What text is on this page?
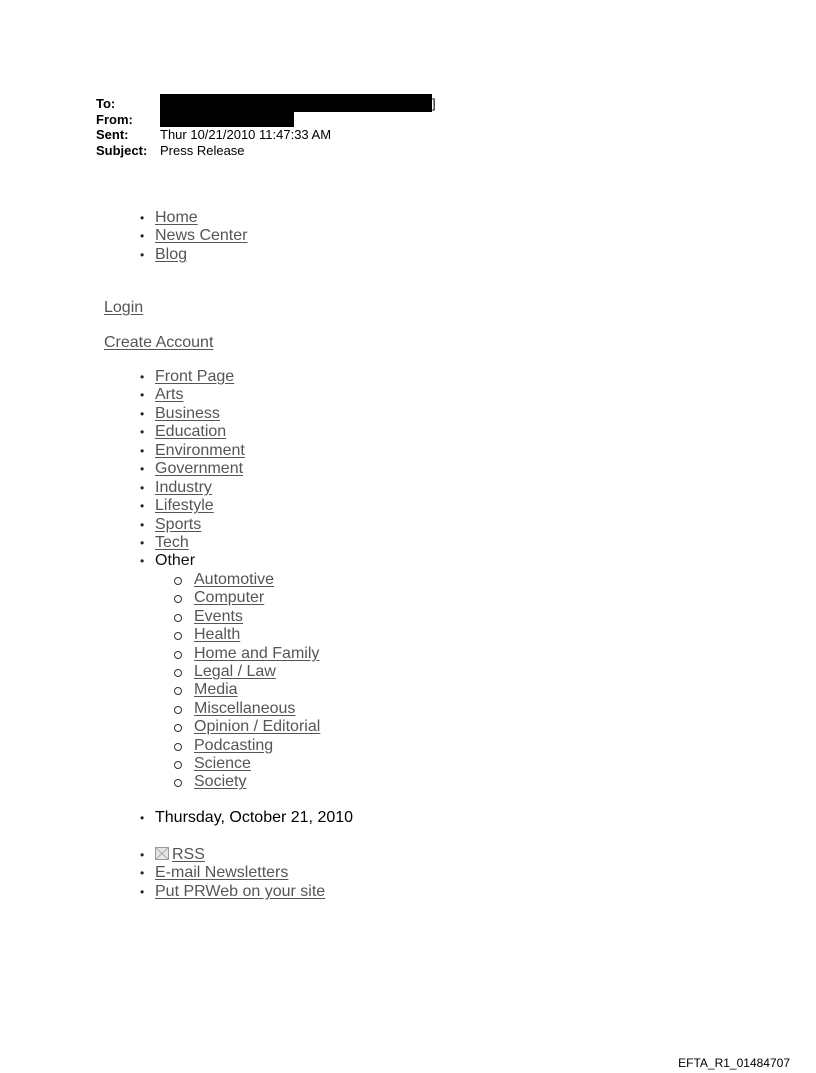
]
To:
From:
Sent:	Thur 10/21/2010 11:47:33 AM
Subject: Press Release
• Home
• News Center
• Blog
Login
Create Account
• Front Page
• Arts
• Business
• Education
• Environment
• Government
• Industry
• Lifestyle
• Sports
• Tech
• Other
Automotive
Computer
Events
Health
Home and Family
Legal / Law
Media
Miscellaneous
Opinion / Editorial
Podcasting
Science
Society
• Thursday, October 21, 2010
• RSS
• E-mail Newsletters
• Put PRWeb on your site
EFTA_R1_01484707
